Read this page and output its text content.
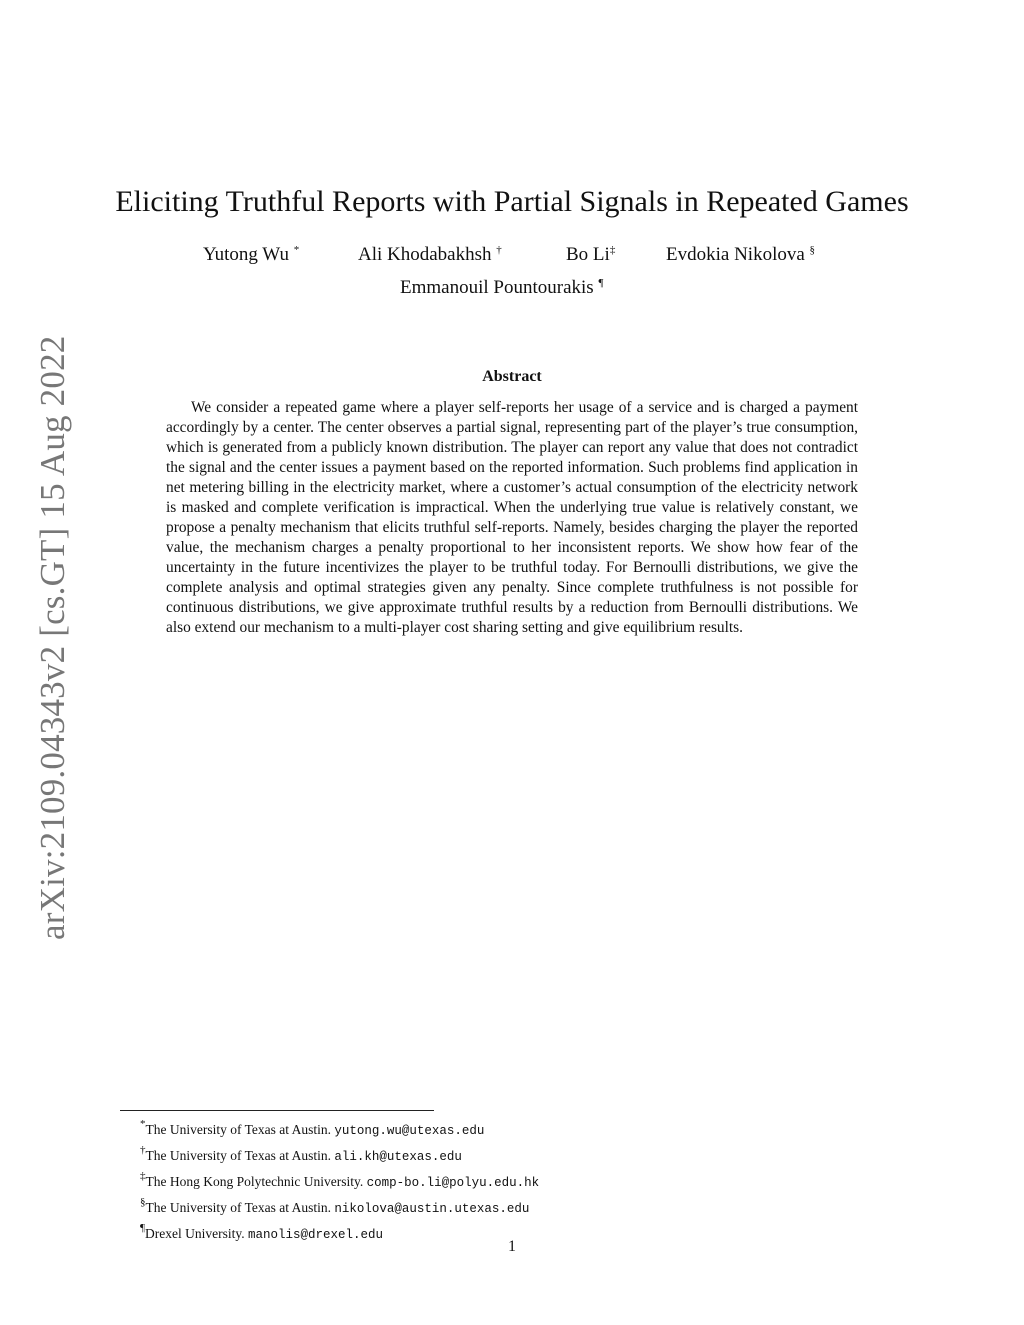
arXiv:2109.04343v2 [cs.GT] 15 Aug 2022
Eliciting Truthful Reports with Partial Signals in Repeated Games
Yutong Wu *	Ali Khodabakhsh †	Bo Li‡	Evdokia Nikolova §
Emmanouil Pountourakis ¶
Abstract

We consider a repeated game where a player self-reports her usage of a service and is charged a payment accordingly by a center. The center observes a partial signal, representing part of the player’s true consumption, which is generated from a publicly known distribution. The player can report any value that does not contradict the signal and the center issues a payment based on the reported information. Such problems find application in net metering billing in the electricity market, where a customer’s actual consumption of the electricity network is masked and complete verification is impractical. When the underlying true value is relatively constant, we propose a penalty mechanism that elicits truthful self-reports. Namely, besides charging the player the reported value, the mechanism charges a penalty proportional to her inconsistent reports. We show how fear of the uncertainty in the future incentivizes the player to be truthful today. For Bernoulli distributions, we give the complete analysis and optimal strategies given any penalty. Since complete truthfulness is not possible for continuous distributions, we give approximate truthful results by a reduction from Bernoulli distributions. We also extend our mechanism to a multi-player cost sharing setting and give equilibrium results.

*The University of Texas at Austin. yutong.wu@utexas.edu
†The University of Texas at Austin. ali.kh@utexas.edu
‡The Hong Kong Polytechnic University. comp-bo.li@polyu.edu.hk
§The University of Texas at Austin. nikolova@austin.utexas.edu
¶Drexel University. manolis@drexel.edu
1
